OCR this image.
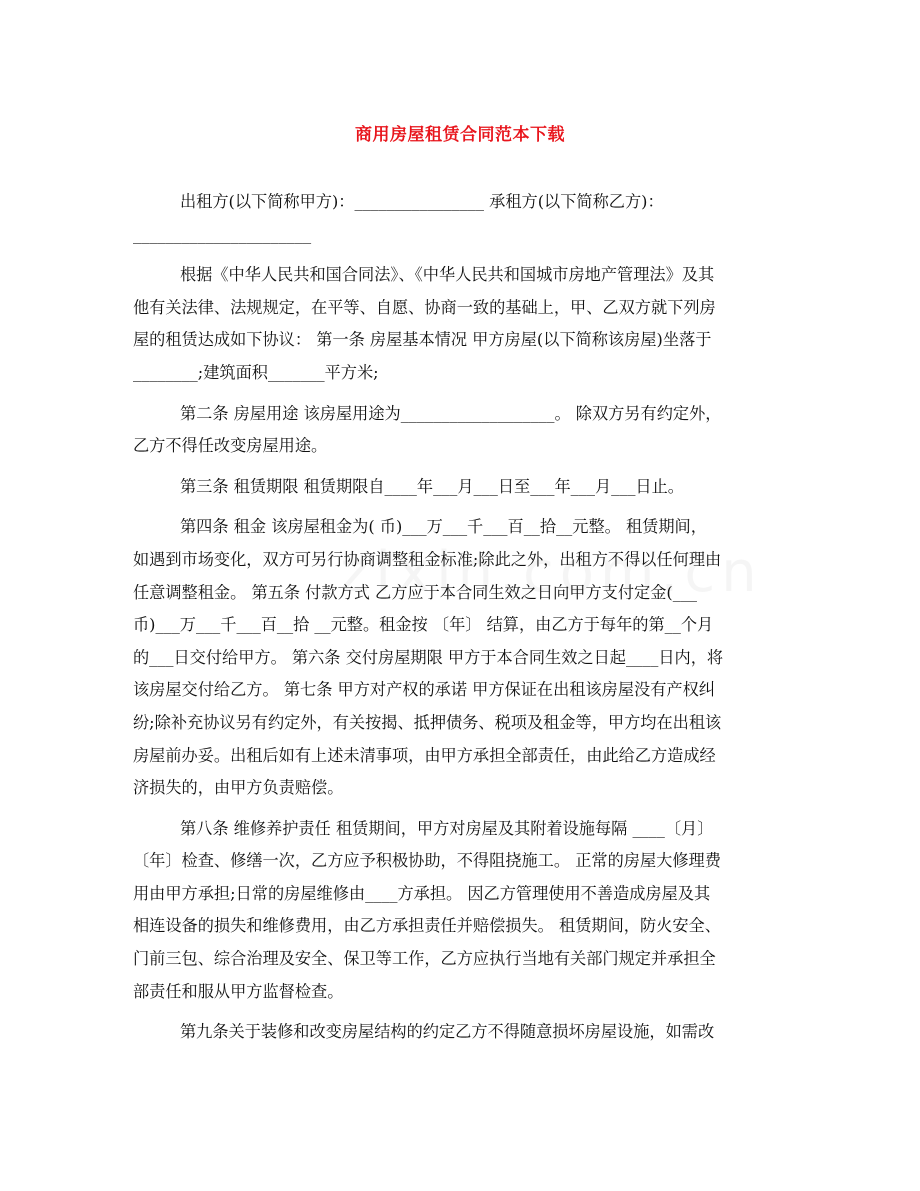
商用房屋租赁合同范本下载

出租方(以下简称甲方)：________________ 承租方(以下简称乙方)：
______________________

根据《中华人民共和国合同法》、《中华人民共和国城市房地产管理法》及其
他有关法律、法规规定，在平等、自愿、协商一致的基础上，甲、乙双方就下列房
屋的租赁达成如下协议： 第一条 房屋基本情况 甲方房屋(以下简称该房屋)坐落于
________;建筑面积_______平方米;

第二条 房屋用途 该房屋用途为___________________。 除双方另有约定外，
乙方不得任改变房屋用途。

第三条 租赁期限 租赁期限自____年___月___日至___年___月___日止。

第四条 租金 该房屋租金为( 币)___万___千___百__拾__元整。 租赁期间，
如遇到市场变化，双方可另行协商调整租金标准;除此之外，出租方不得以任何理由
任意调整租金。 第五条 付款方式 乙方应于本合同生效之日向甲方支付定金(___
币)___万___千___百__拾 __元整。租金按 〔年〕 结算，由乙方于每年的第__个月
的___日交付给甲方。 第六条 交付房屋期限 甲方于本合同生效之日起____日内，将
该房屋交付给乙方。 第七条 甲方对产权的承诺 甲方保证在出租该房屋没有产权纠
纷;除补充协议另有约定外，有关按揭、抵押债务、税项及租金等，甲方均在出租该
房屋前办妥。出租后如有上述未清事项，由甲方承担全部责任，由此给乙方造成经
济损失的，由甲方负责赔偿。

第八条 维修养护责任 租赁期间，甲方对房屋及其附着设施每隔 ____〔月〕
〔年〕检查、修缮一次，乙方应予积极协助，不得阻挠施工。 正常的房屋大修理费
用由甲方承担;日常的房屋维修由____方承担。 因乙方管理使用不善造成房屋及其
相连设备的损失和维修费用，由乙方承担责任并赔偿损失。 租赁期间，防火安全、
门前三包、综合治理及安全、保卫等工作，乙方应执行当地有关部门规定并承担全
部责任和服从甲方监督检查。

第九条关于装修和改变房屋结构的约定乙方不得随意损坏房屋设施，如需改
